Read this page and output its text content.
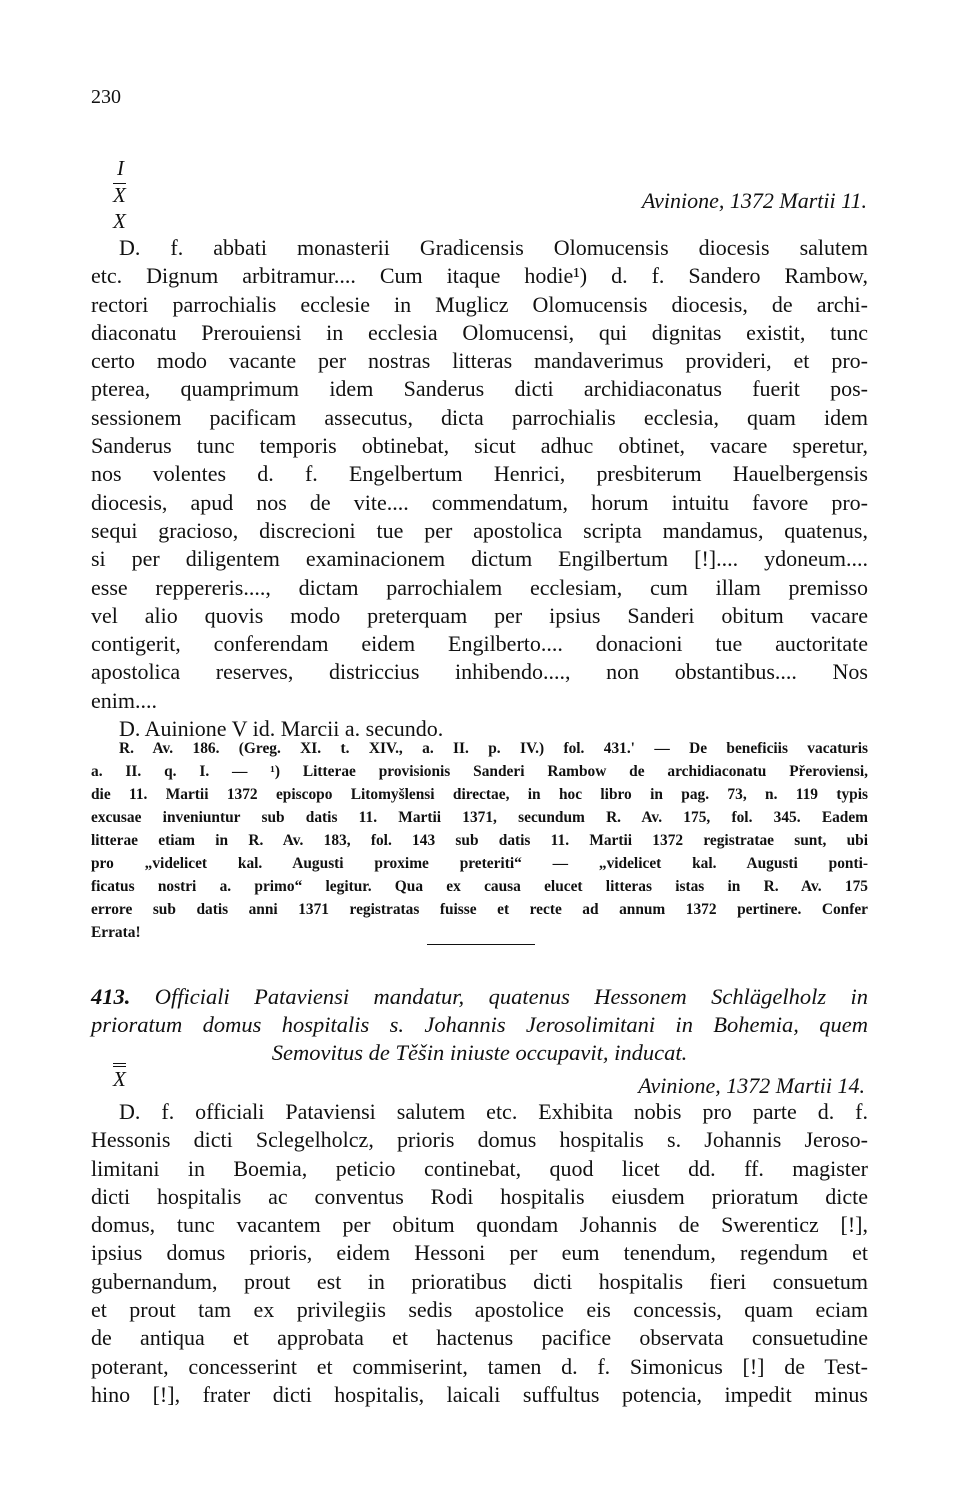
230
I
X
X
Avinione, 1372 Martii 11.
D. f. abbati monasterii Gradicensis Olomucensis diocesis salutem
etc. Dignum arbitramur.... Cum itaque hodie¹) d. f. Sandero Rambow,
rectori parrochialis ecclesie in Muglicz Olomucensis diocesis, de archi-
diaconatu Prerouiensi in ecclesia Olomucensi, qui dignitas existit, tunc
certo modo vacante per nostras litteras mandaverimus provideri, et pro-
pterea, quamprimum idem Sanderus dicti archidiaconatus fuerit pos-
sessionem pacificam assecutus, dicta parrochialis ecclesia, quam idem
Sanderus tunc temporis obtinebat, sicut adhuc obtinet, vacare speretur,
nos volentes d. f. Engelbertum Henrici, presbiterum Hauelbergensis
diocesis, apud nos de vite.... commendatum, horum intuitu favore pro-
sequi gracioso, discrecioni tue per apostolica scripta mandamus, quatenus,
si per diligentem examinacionem dictum Engilbertum [!].... ydoneum....
esse reppereris...., dictam parrochialem ecclesiam, cum illam premisso
vel alio quovis modo preterquam per ipsius Sanderi obitum vacare
contigerit, conferendam eidem Engilberto.... donacioni tue auctoritate
apostolica reserves, districcius inhibendo...., non obstantibus.... Nos
enim....
D. Auinione V id. Marcii a. secundo.
R. Av. 186. (Greg. XI. t. XIV., a. II. p. IV.) fol. 431.' — De beneficiis vacaturis
a. II. q. I. — ¹) Litterae provisionis Sanderi Rambow de archidiaconatu Přeroviensi,
die 11. Martii 1372 episcopo Litomyšlensi directae, in hoc libro in pag. 73, n. 119 typis
excusae inveniuntur sub datis 11. Martii 1371, secundum R. Av. 175, fol. 345. Eadem
litterae etiam in R. Av. 183, fol. 143 sub datis 11. Martii 1372 registratae sunt, ubi
pro „videlicet kal. Augusti proxime preteriti“ — „videlicet kal. Augusti ponti-
ficatus nostri a. primo“ legitur. Qua ex causa elucet litteras istas in R. Av. 175
errore sub datis anni 1371 registratas fuisse et recte ad annum 1372 pertinere. Confer
Errata!
413. Officiali Pataviensi mandatur, quatenus Hessonem Schlägelholz in
prioratum domus hospitalis s. Johannis Jerosolimitani in Bohemia, quem
Semovitus de Těšin iniuste occupavit, inducat.
X	Avinione, 1372 Martii 14.
D. f. officiali Pataviensi salutem etc. Exhibita nobis pro parte d. f.
Hessonis dicti Sclegelholcz, prioris domus hospitalis s. Johannis Jeroso-
limitani in Boemia, peticio continebat, quod licet dd. ff. magister
dicti hospitalis ac conventus Rodi hospitalis eiusdem prioratum dicte
domus, tunc vacantem per obitum quondam Johannis de Swerenticz [!],
ipsius domus prioris, eidem Hessoni per eum tenendum, regendum et
gubernandum, prout est in prioratibus dicti hospitalis fieri consuetum
et prout tam ex privilegiis sedis apostolice eis concessis, quam eciam
de antiqua et approbata et hactenus pacifice observata consuetudine
poterant, concesserint et commiserint, tamen d. f. Simonicus [!] de Test-
hino [!], frater dicti hospitalis, laicali suffultus potencia, impedit minus
